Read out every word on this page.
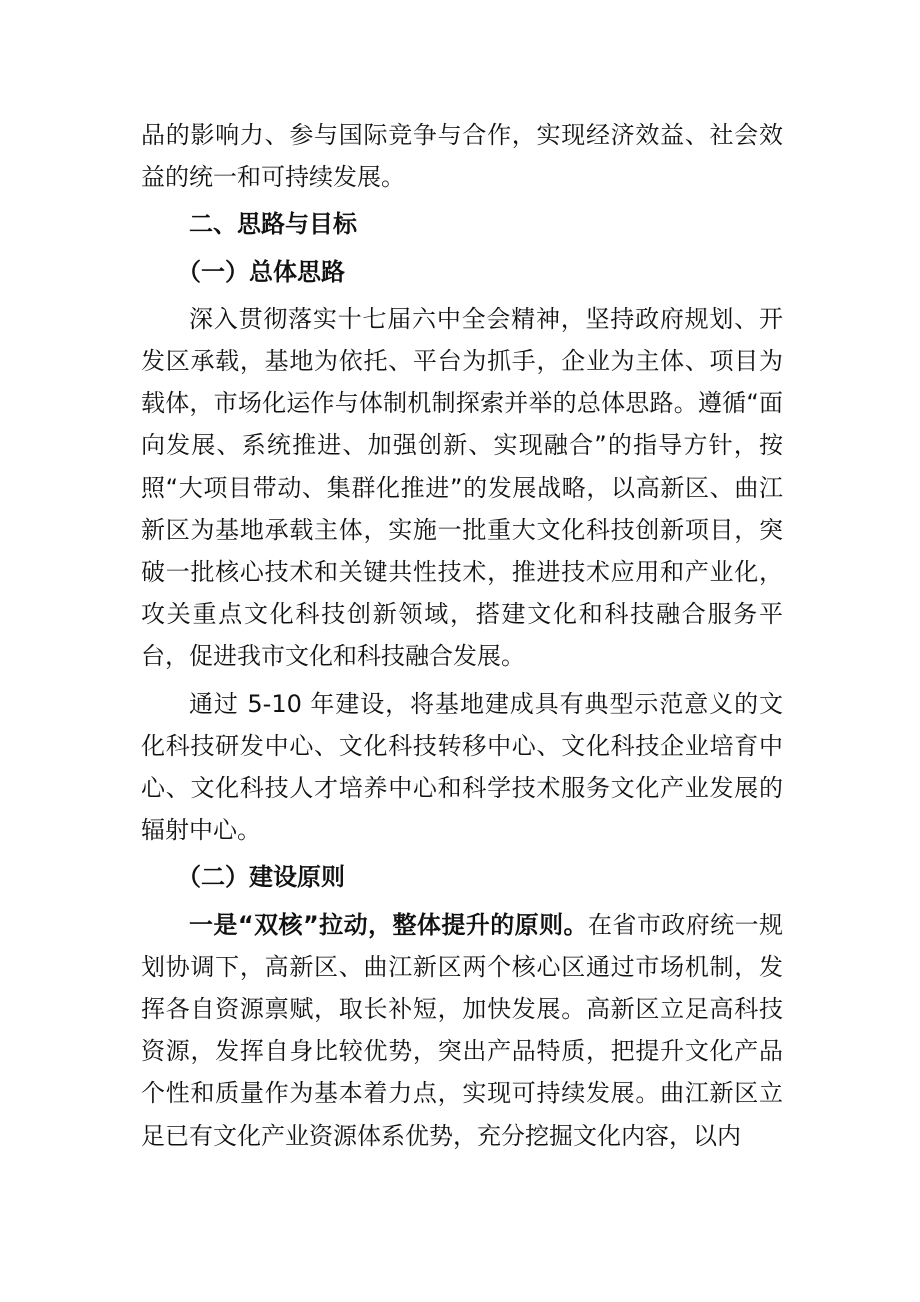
品的影响力、参与国际竞争与合作，实现经济效益、社会效益的统一和可持续发展。

二、思路与目标

（一）总体思路

深入贯彻落实十七届六中全会精神，坚持政府规划、开发区承载，基地为依托、平台为抓手，企业为主体、项目为载体，市场化运作与体制机制探索并举的总体思路。遵循“面向发展、系统推进、加强创新、实现融合”的指导方针，按照“大项目带动、集群化推进”的发展战略，以高新区、曲江新区为基地承载主体，实施一批重大文化科技创新项目，突破一批核心技术和关键共性技术，推进技术应用和产业化，攻关重点文化科技创新领域，搭建文化和科技融合服务平台，促进我市文化和科技融合发展。

通过 5-10 年建设，将基地建成具有典型示范意义的文化科技研发中心、文化科技转移中心、文化科技企业培育中心、文化科技人才培养中心和科学技术服务文化产业发展的辐射中心。

（二）建设原则

一是“双核”拉动，整体提升的原则。在省市政府统一规划协调下，高新区、曲江新区两个核心区通过市场机制，发挥各自资源禀赋，取长补短，加快发展。高新区立足高科技资源，发挥自身比较优势，突出产品特质，把提升文化产品个性和质量作为基本着力点，实现可持续发展。曲江新区立足已有文化产业资源体系优势，充分挖掘文化内容，以内
